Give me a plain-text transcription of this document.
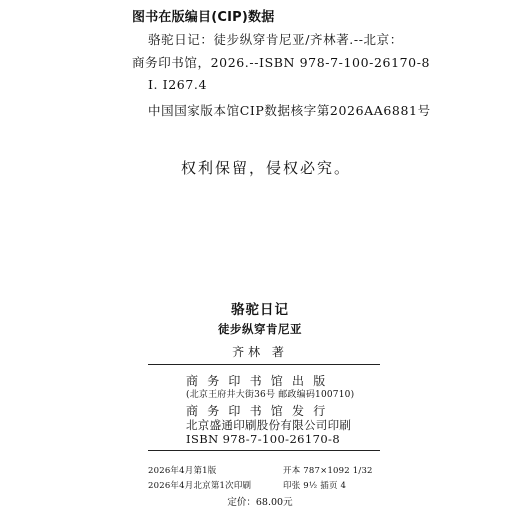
图书在版编目(CIP)数据
骆驼日记：徒步纵穿肯尼亚/齐林著.--北京：
商务印书馆，2026.--ISBN 978-7-100-26170-8
Ⅰ. I267.4
中国国家版本馆CIP数据核字第2026AA6881号
权利保留，侵权必究。
骆驼日记
徒步纵穿肯尼亚
齐林 著
商务印书馆出版
(北京王府井大街36号 邮政编码100710)
商务印书馆发行
北京盛通印刷股份有限公司印刷
ISBN 978-7-100-26170-8
2026年4月第1版	开本 787×1092 1/32
2026年4月北京第1次印刷	印张 9½ 插页 4
定价：68.00元
